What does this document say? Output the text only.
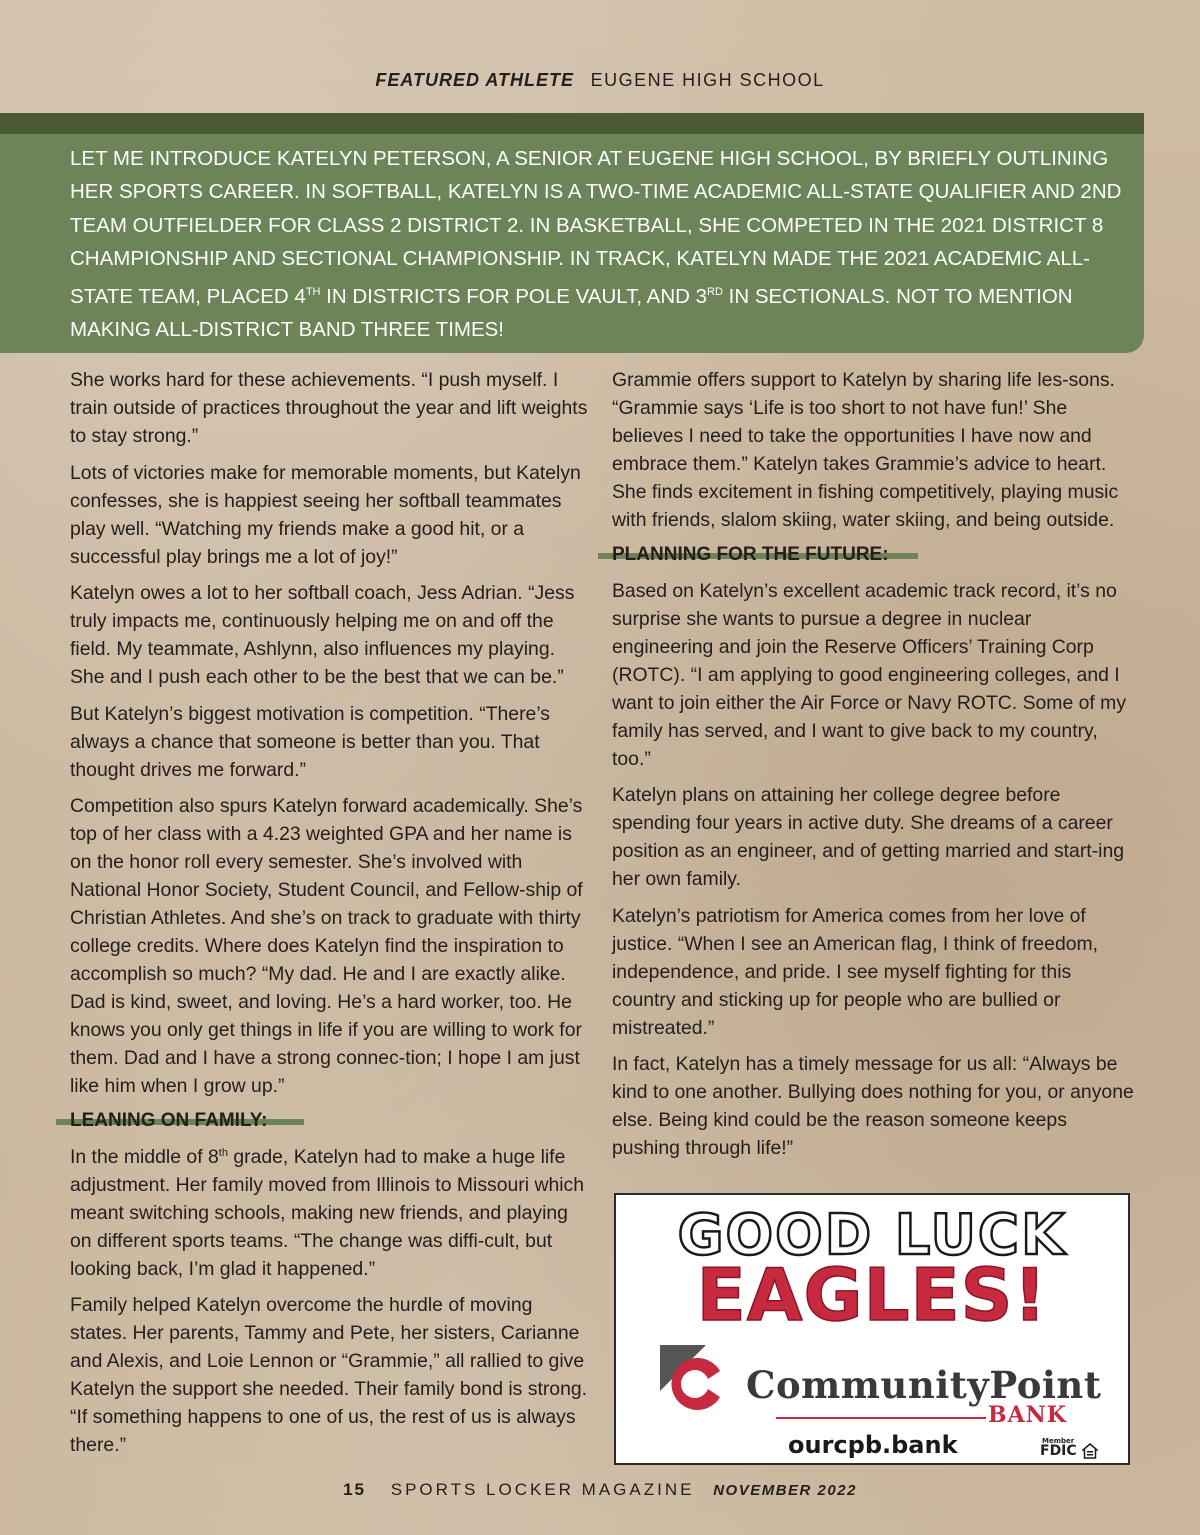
FEATURED ATHLETE EUGENE HIGH SCHOOL
LET ME INTRODUCE KATELYN PETERSON, A SENIOR AT EUGENE HIGH SCHOOL, BY BRIEFLY OUTLINING HER SPORTS CAREER. IN SOFTBALL, KATELYN IS A TWO-TIME ACADEMIC ALL-STATE QUALIFIER AND 2ND TEAM OUTFIELDER FOR CLASS 2 DISTRICT 2. IN BASKETBALL, SHE COMPETED IN THE 2021 DISTRICT 8 CHAMPIONSHIP AND SECTIONAL CHAMPIONSHIP. IN TRACK, KATELYN MADE THE 2021 ACADEMIC ALL-STATE TEAM, PLACED 4TH IN DISTRICTS FOR POLE VAULT, AND 3RD IN SECTIONALS. NOT TO MENTION MAKING ALL-DISTRICT BAND THREE TIMES!

She works hard for these achievements. “I push myself. I train outside of practices throughout the year and lift weights to stay strong.”

Lots of victories make for memorable moments, but Katelyn confesses, she is happiest seeing her softball teammates play well. “Watching my friends make a good hit, or a successful play brings me a lot of joy!”

Katelyn owes a lot to her softball coach, Jess Adrian. “Jess truly impacts me, continuously helping me on and off the field. My teammate, Ashlynn, also influences my playing. She and I push each other to be the best that we can be.”

But Katelyn’s biggest motivation is competition. “There’s always a chance that someone is better than you. That thought drives me forward.”

Competition also spurs Katelyn forward academically. She’s top of her class with a 4.23 weighted GPA and her name is on the honor roll every semester. She’s involved with National Honor Society, Student Council, and Fellow-ship of Christian Athletes. And she’s on track to graduate with thirty college credits. Where does Katelyn find the inspiration to accomplish so much? “My dad. He and I are exactly alike. Dad is kind, sweet, and loving. He’s a hard worker, too. He knows you only get things in life if you are willing to work for them. Dad and I have a strong connec-tion; I hope I am just like him when I grow up.”

LEANING ON FAMILY:

In the middle of 8th grade, Katelyn had to make a huge life adjustment. Her family moved from Illinois to Missouri which meant switching schools, making new friends, and playing on different sports teams. “The change was diffi-cult, but looking back, I’m glad it happened.”

Family helped Katelyn overcome the hurdle of moving states. Her parents, Tammy and Pete, her sisters, Carianne and Alexis, and Loie Lennon or “Grammie,” all rallied to give Katelyn the support she needed. Their family bond is strong. “If something happens to one of us, the rest of us is always there.”

Grammie offers support to Katelyn by sharing life les-sons. “Grammie says ‘Life is too short to not have fun!’ She believes I need to take the opportunities I have now and embrace them.” Katelyn takes Grammie’s advice to heart. She finds excitement in fishing competitively, playing music with friends, slalom skiing, water skiing, and being outside.

PLANNING FOR THE FUTURE:

Based on Katelyn’s excellent academic track record, it’s no surprise she wants to pursue a degree in nuclear engineering and join the Reserve Officers’ Training Corp (ROTC). “I am applying to good engineering colleges, and I want to join either the Air Force or Navy ROTC. Some of my family has served, and I want to give back to my country, too.”

Katelyn plans on attaining her college degree before spending four years in active duty. She dreams of a career position as an engineer, and of getting married and start-ing her own family.

Katelyn’s patriotism for America comes from her love of justice. “When I see an American flag, I think of freedom, independence, and pride. I see myself fighting for this country and sticking up for people who are bullied or mistreated.”

In fact, Katelyn has a timely message for us all: “Always be kind to one another. Bullying does nothing for you, or anyone else. Being kind could be the reason someone keeps pushing through life!”

GOOD LUCK
EAGLES!
CommunityPoint
BANK
ourcpb.bank	Member
FDIC
15 SPORTS LOCKER MAGAZINE NOVEMBER 2022
